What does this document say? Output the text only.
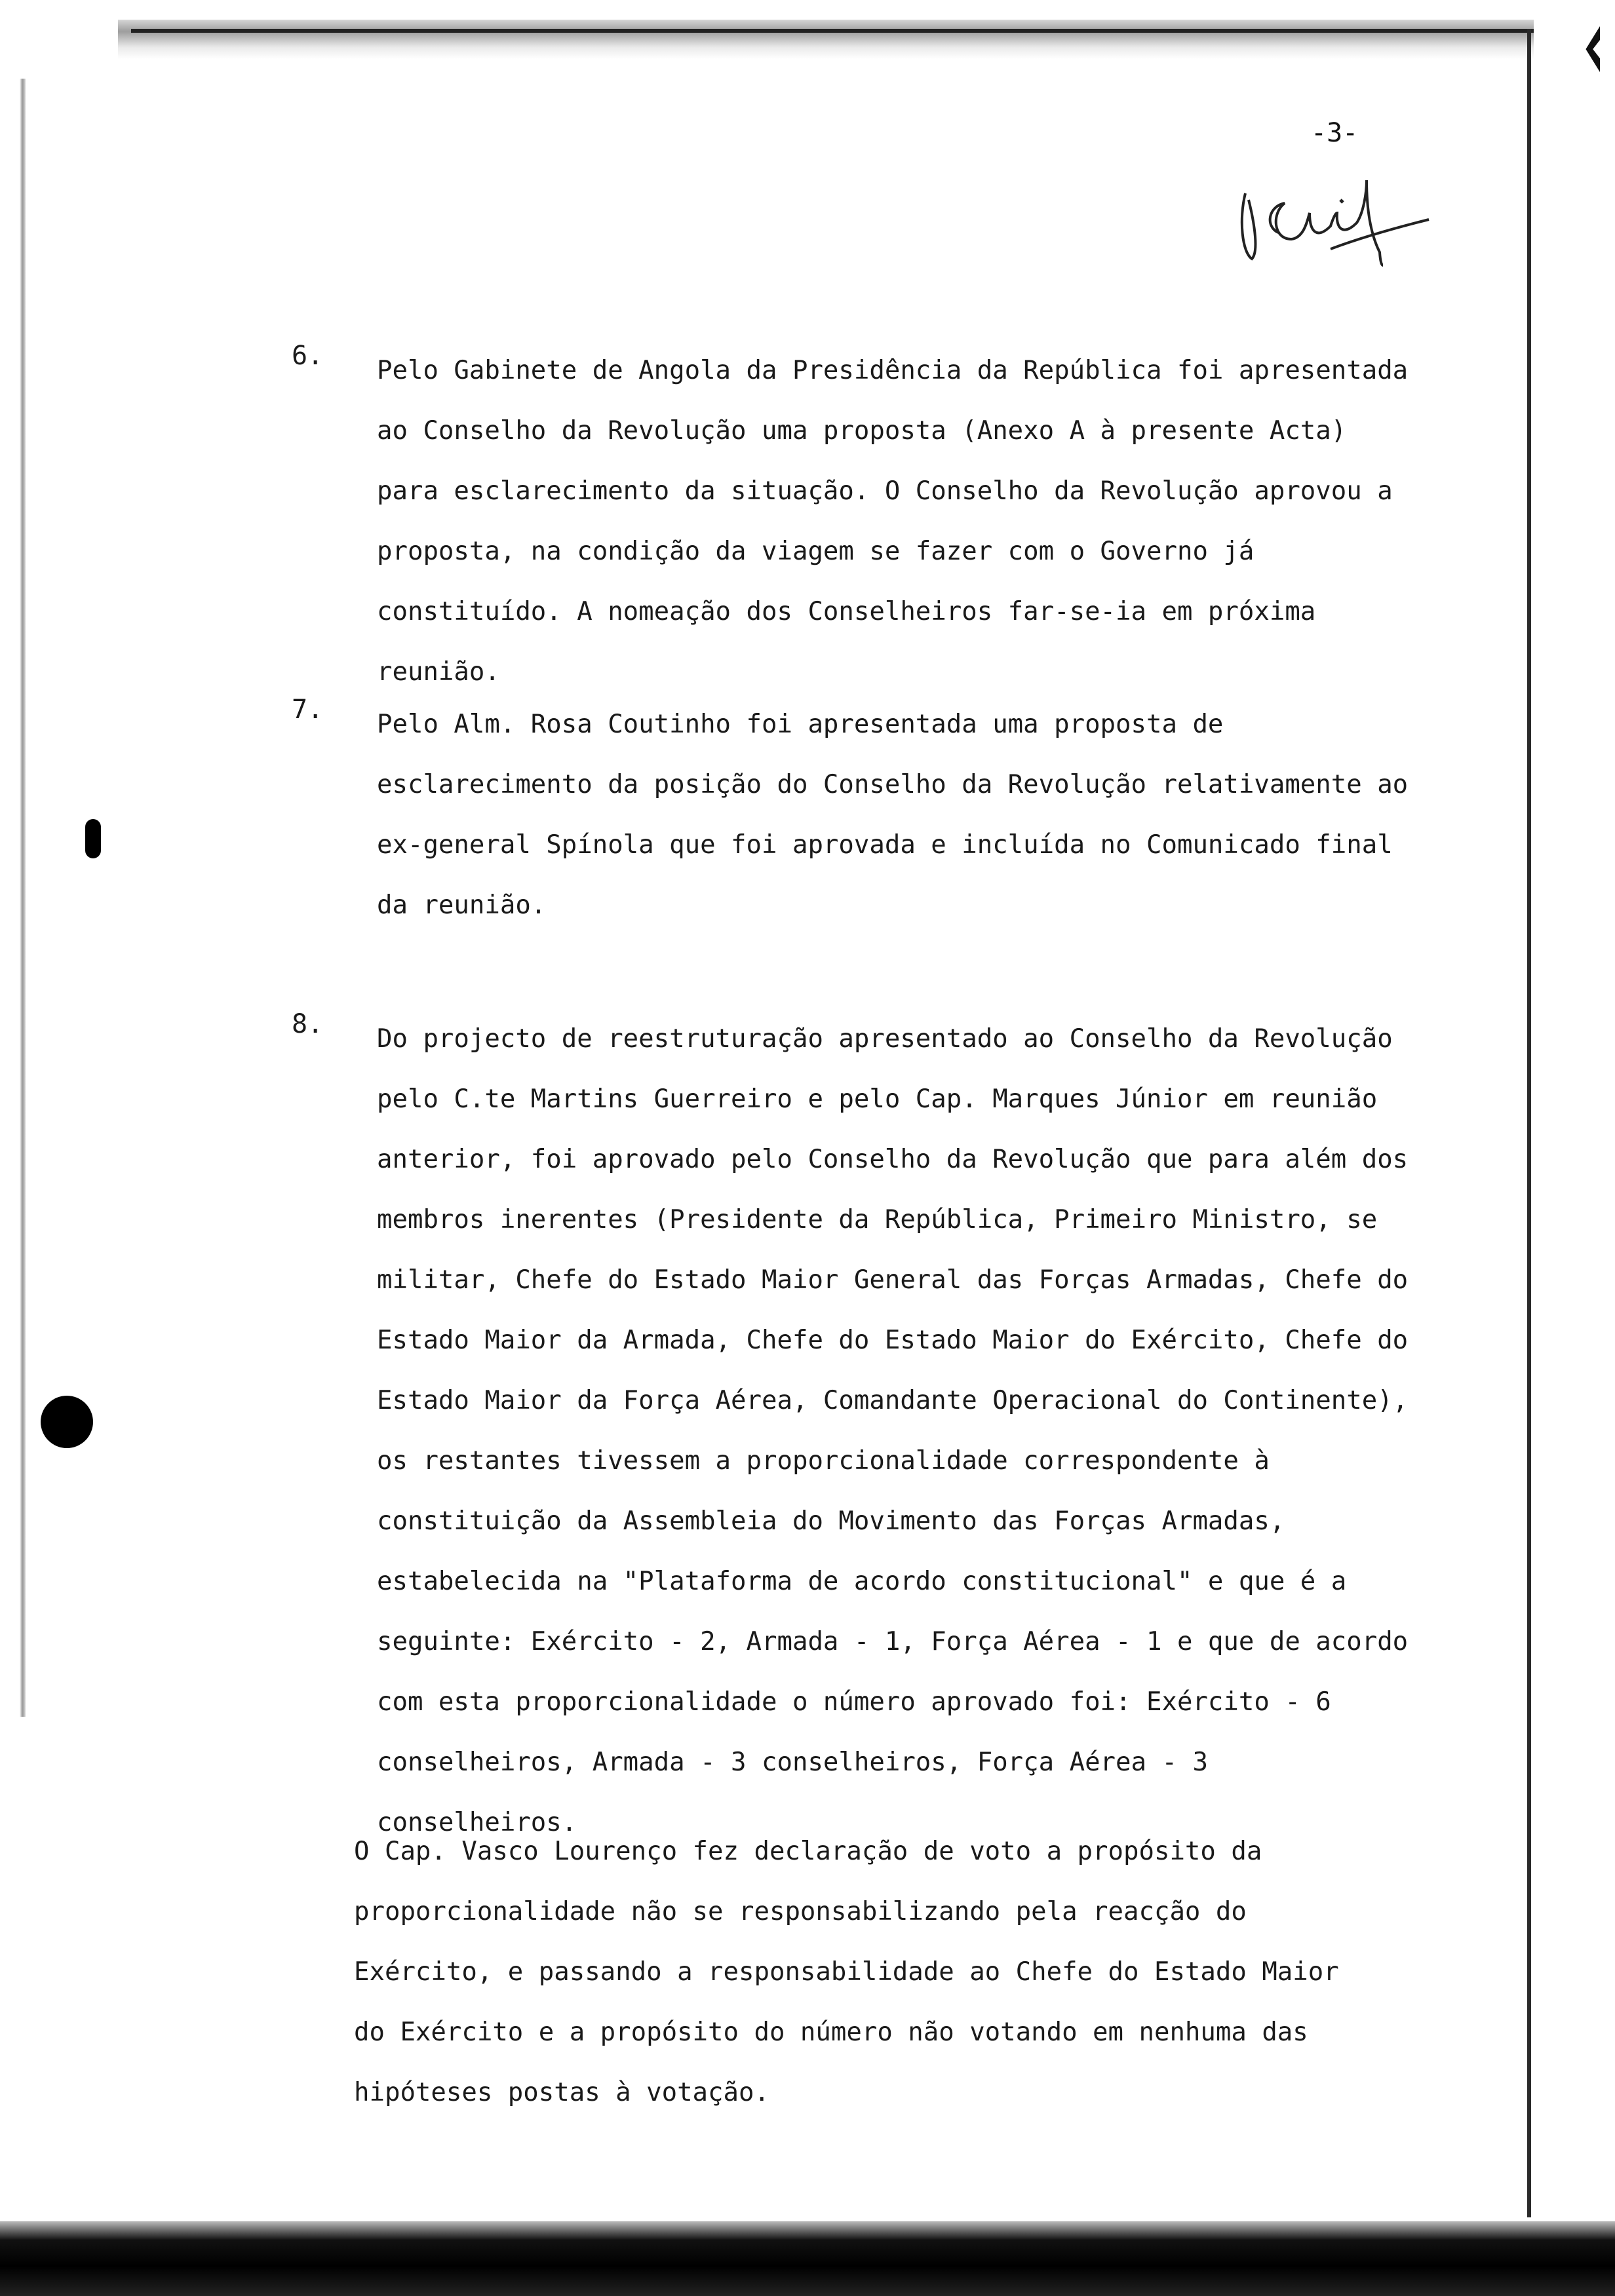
-3-
6. Pelo Gabinete de Angola da Presidência da República foi apresentada ao Conselho da Revolução uma proposta (Anexo A à presente Acta) para esclarecimento da situação. O Conselho da Revolução aprovou a proposta, na condição da viagem se fazer com o Governo já constituído. A nomeação dos Conselheiros far-se-ia em próxima reunião.

7. Pelo Alm. Rosa Coutinho foi apresentada uma proposta de esclarecimento da posição do Conselho da Revolução relativamente ao ex-general Spínola que foi aprovada e incluída no Comunicado final da reunião.

8. Do projecto de reestruturação apresentado ao Conselho da Revolução pelo C.te Martins Guerreiro e pelo Cap. Marques Júnior em reunião anterior, foi aprovado pelo Conselho da Revolução que para além dos membros inerentes (Presidente da República, Primeiro Ministro, se militar, Chefe do Estado Maior General das Forças Armadas, Chefe do Estado Maior da Armada, Chefe do Estado Maior do Exército, Chefe do Estado Maior da Força Aérea, Comandante Operacional do Continente), os restantes tivessem a proporcionalidade correspondente à constituição da Assembleia do Movimento das Forças Armadas, estabelecida na "Plataforma de acordo constitucional" e que é a seguinte: Exército - 2, Armada - 1, Força Aérea - 1 e que de acordo com esta proporcionalidade o número aprovado foi: Exército - 6 conselheiros, Armada - 3 conselheiros, Força Aérea - 3 conselheiros.

O Cap. Vasco Lourenço fez declaração de voto a propósito da proporcionalidade não se responsabilizando pela reacção do Exército, e passando a responsabilidade ao Chefe do Estado Maior do Exército e a propósito do número não votando em nenhuma das hipóteses postas à votação.
